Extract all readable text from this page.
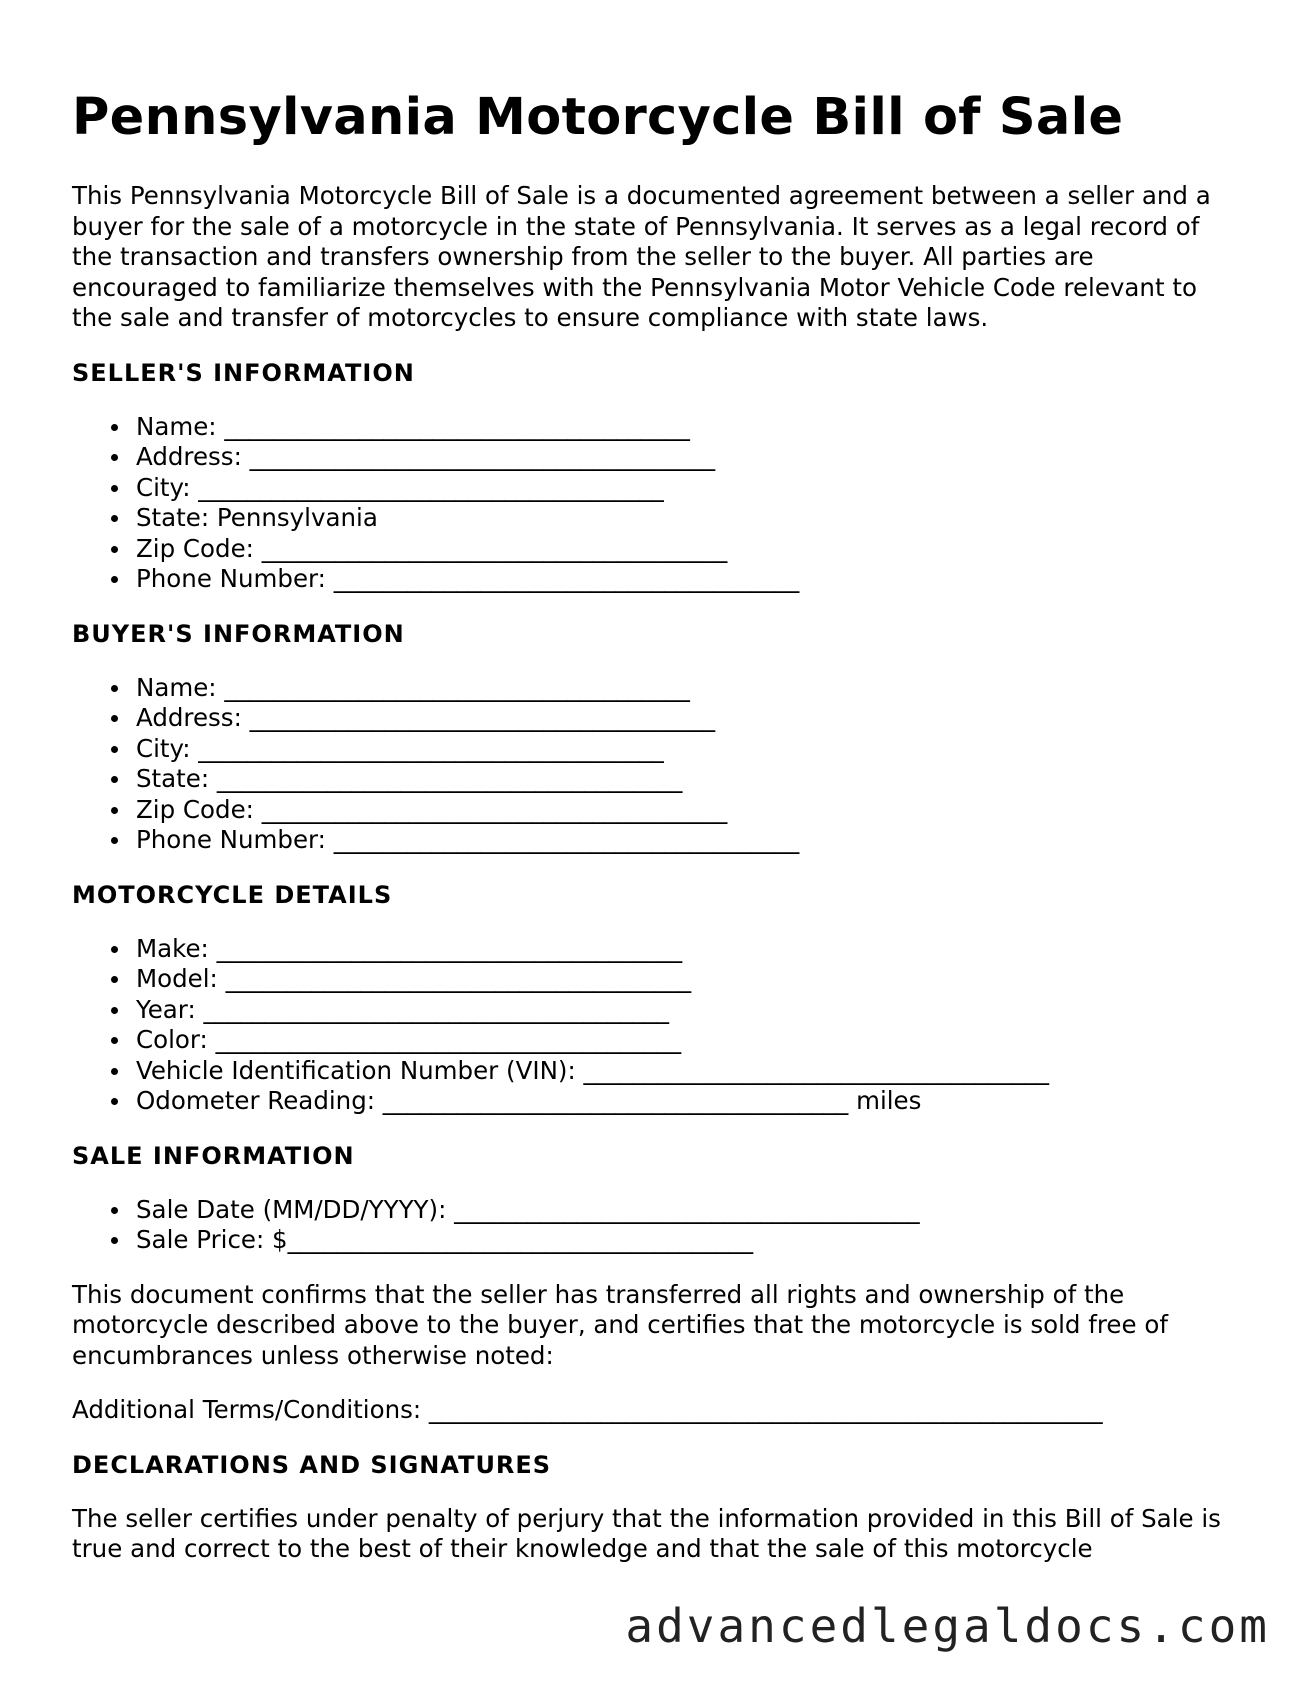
Pennsylvania Motorcycle Bill of Sale

This Pennsylvania Motorcycle Bill of Sale is a documented agreement between a seller and a buyer for the sale of a motorcycle in the state of Pennsylvania. It serves as a legal record of the transaction and transfers ownership from the seller to the buyer. All parties are encouraged to familiarize themselves with the Pennsylvania Motor Vehicle Code relevant to the sale and transfer of motorcycles to ensure compliance with state laws.

SELLER'S INFORMATION
Name: ______________________________________
Address: ______________________________________
City: ______________________________________
State: Pennsylvania
Zip Code: ______________________________________
Phone Number: ______________________________________
BUYER'S INFORMATION
Name: ______________________________________
Address: ______________________________________
City: ______________________________________
State: ______________________________________
Zip Code: ______________________________________
Phone Number: ______________________________________
MOTORCYCLE DETAILS
Make: ______________________________________
Model: ______________________________________
Year: ______________________________________
Color: ______________________________________
Vehicle Identification Number (VIN): ______________________________________
Odometer Reading: ______________________________________ miles
SALE INFORMATION
Sale Date (MM/DD/YYYY): ______________________________________
Sale Price: $______________________________________

This document confirms that the seller has transferred all rights and ownership of the motorcycle described above to the buyer, and certifies that the motorcycle is sold free of encumbrances unless otherwise noted:

Additional Terms/Conditions: _______________________________________________________

DECLARATIONS AND SIGNATURES

The seller certifies under penalty of perjury that the information provided in this Bill of Sale is true and correct to the best of their knowledge and that the sale of this motorcycle

advancedlegaldocs.com
